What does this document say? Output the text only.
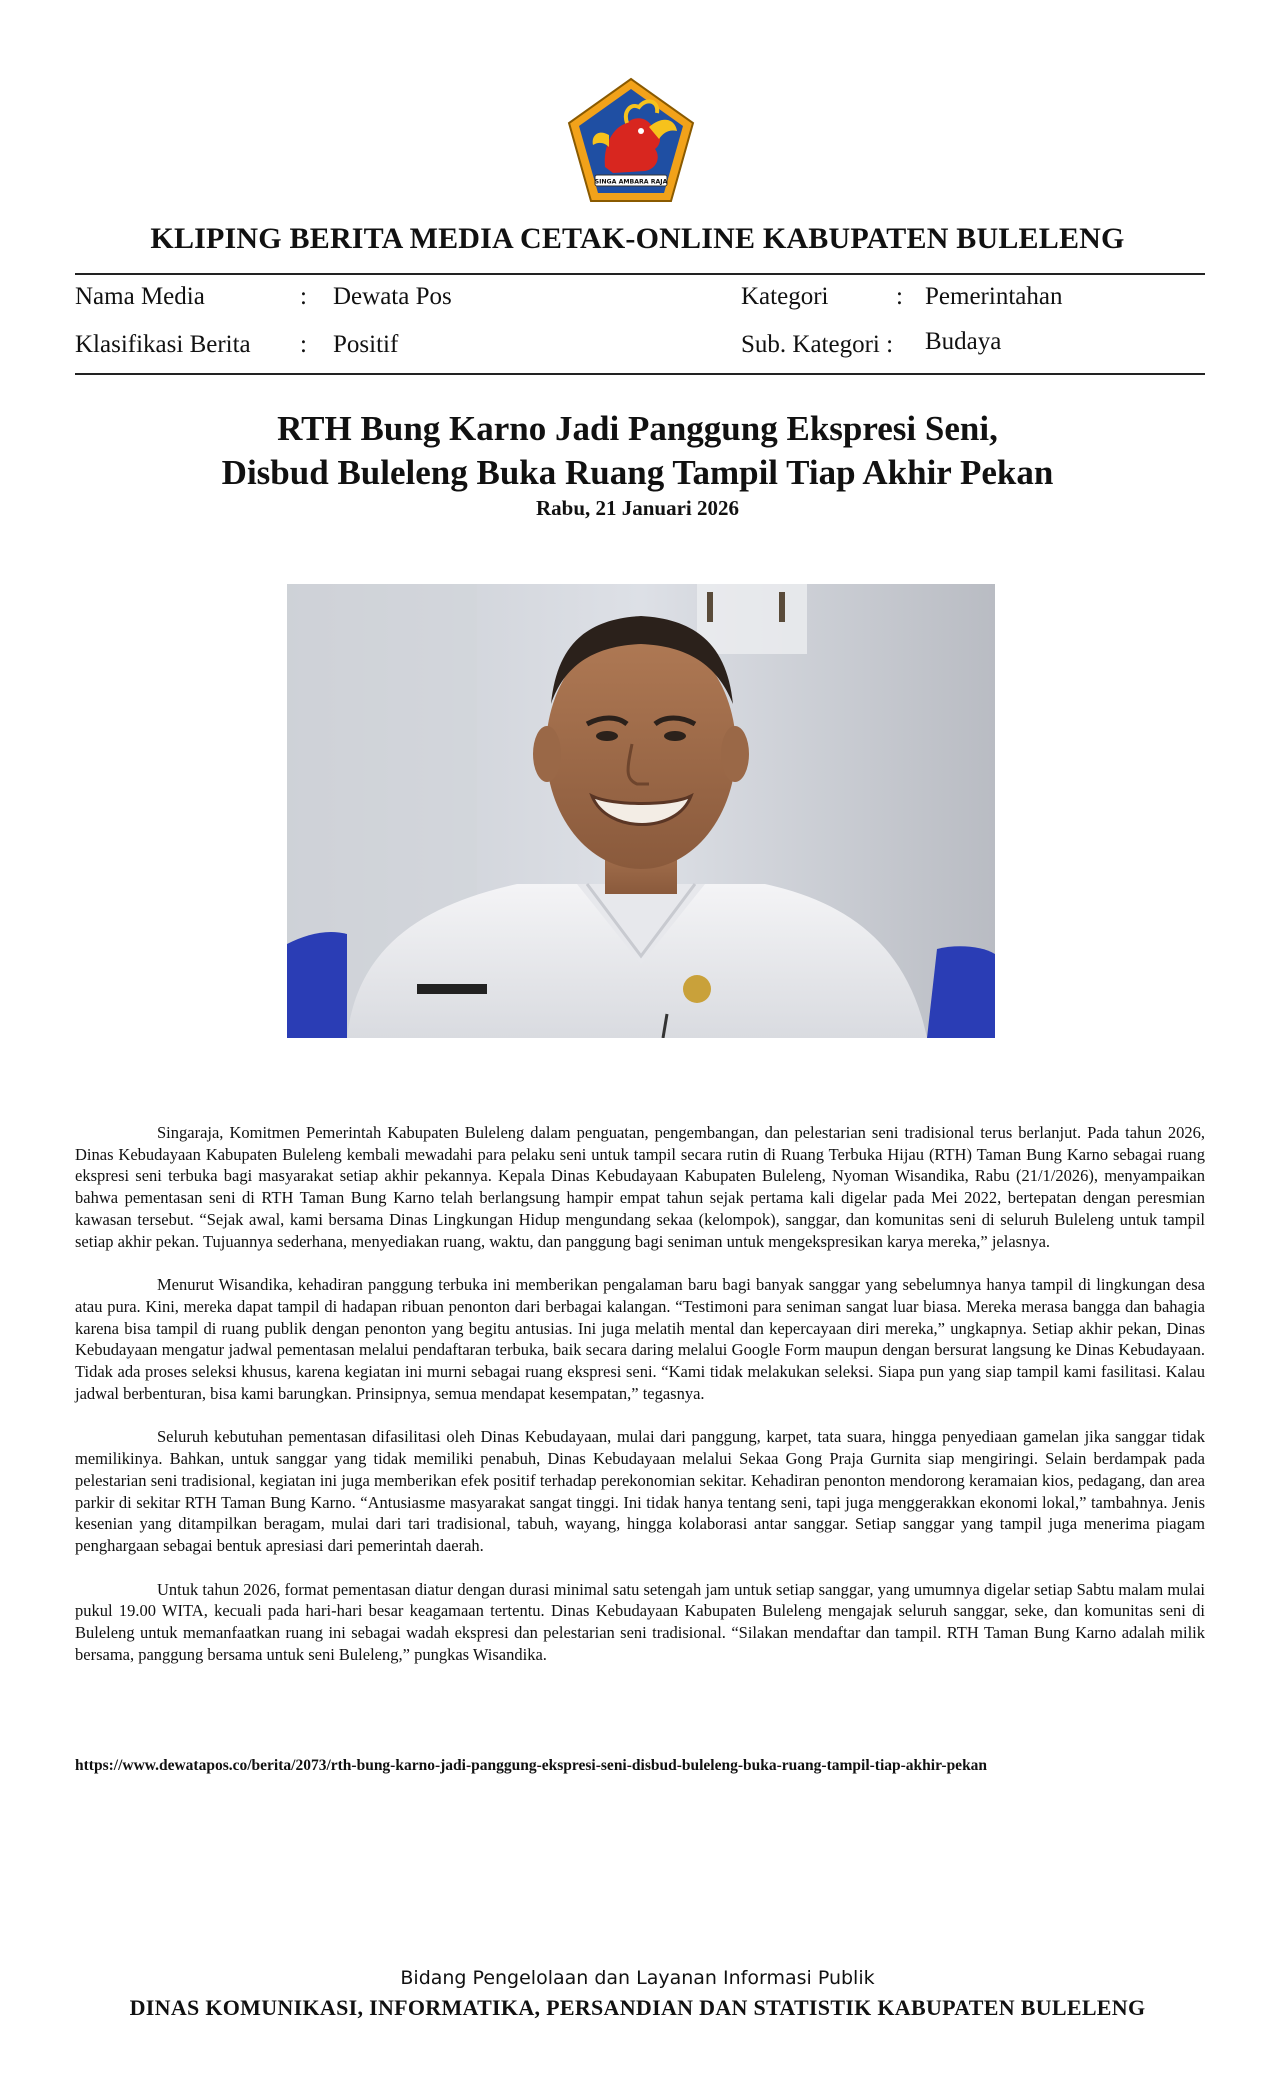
SINGA AMBARA RAJA
KLIPING BERITA MEDIA CETAK-ONLINE KABUPATEN BULELENG
Nama Media	: Dewata Pos
Klasifikasi Berita : Positif
Kategori	: Pemerintahan
Sub. Kategori : Budaya
RTH Bung Karno Jadi Panggung Ekspresi Seni,
Disbud Buleleng Buka Ruang Tampil Tiap Akhir Pekan
Rabu, 21 Januari 2026

Singaraja, Komitmen Pemerintah Kabupaten Buleleng dalam penguatan, pengembangan, dan pelestarian seni tradisional terus berlanjut. Pada tahun 2026, Dinas Kebudayaan Kabupaten Buleleng kembali mewadahi para pelaku seni untuk tampil secara rutin di Ruang Terbuka Hijau (RTH) Taman Bung Karno sebagai ruang ekspresi seni terbuka bagi masyarakat setiap akhir pekannya. Kepala Dinas Kebudayaan Kabupaten Buleleng, Nyoman Wisandika, Rabu (21/1/2026), menyampaikan bahwa pementasan seni di RTH Taman Bung Karno telah berlangsung hampir empat tahun sejak pertama kali digelar pada Mei 2022, bertepatan dengan peresmian kawasan tersebut. “Sejak awal, kami bersama Dinas Lingkungan Hidup mengundang sekaa (kelompok), sanggar, dan komunitas seni di seluruh Buleleng untuk tampil setiap akhir pekan. Tujuannya sederhana, menyediakan ruang, waktu, dan panggung bagi seniman untuk mengekspresikan karya mereka,” jelasnya.

Menurut Wisandika, kehadiran panggung terbuka ini memberikan pengalaman baru bagi banyak sanggar yang sebelumnya hanya tampil di lingkungan desa atau pura. Kini, mereka dapat tampil di hadapan ribuan penonton dari berbagai kalangan. “Testimoni para seniman sangat luar biasa. Mereka merasa bangga dan bahagia karena bisa tampil di ruang publik dengan penonton yang begitu antusias. Ini juga melatih mental dan kepercayaan diri mereka,” ungkapnya. Setiap akhir pekan, Dinas Kebudayaan mengatur jadwal pementasan melalui pendaftaran terbuka, baik secara daring melalui Google Form maupun dengan bersurat langsung ke Dinas Kebudayaan. Tidak ada proses seleksi khusus, karena kegiatan ini murni sebagai ruang ekspresi seni. “Kami tidak melakukan seleksi. Siapa pun yang siap tampil kami fasilitasi. Kalau jadwal berbenturan, bisa kami barungkan. Prinsipnya, semua mendapat kesempatan,” tegasnya.

Seluruh kebutuhan pementasan difasilitasi oleh Dinas Kebudayaan, mulai dari panggung, karpet, tata suara, hingga penyediaan gamelan jika sanggar tidak memilikinya. Bahkan, untuk sanggar yang tidak memiliki penabuh, Dinas Kebudayaan melalui Sekaa Gong Praja Gurnita siap mengiringi. Selain berdampak pada pelestarian seni tradisional, kegiatan ini juga memberikan efek positif terhadap perekonomian sekitar. Kehadiran penonton mendorong keramaian kios, pedagang, dan area parkir di sekitar RTH Taman Bung Karno. “Antusiasme masyarakat sangat tinggi. Ini tidak hanya tentang seni, tapi juga menggerakkan ekonomi lokal,” tambahnya. Jenis kesenian yang ditampilkan beragam, mulai dari tari tradisional, tabuh, wayang, hingga kolaborasi antar sanggar. Setiap sanggar yang tampil juga menerima piagam penghargaan sebagai bentuk apresiasi dari pemerintah daerah.

Untuk tahun 2026, format pementasan diatur dengan durasi minimal satu setengah jam untuk setiap sanggar, yang umumnya digelar setiap Sabtu malam mulai pukul 19.00 WITA, kecuali pada hari-hari besar keagamaan tertentu. Dinas Kebudayaan Kabupaten Buleleng mengajak seluruh sanggar, seke, dan komunitas seni di Buleleng untuk memanfaatkan ruang ini sebagai wadah ekspresi dan pelestarian seni tradisional. “Silakan mendaftar dan tampil. RTH Taman Bung Karno adalah milik bersama, panggung bersama untuk seni Buleleng,” pungkas Wisandika.

https://www.dewatapos.co/berita/2073/rth-bung-karno-jadi-panggung-ekspresi-seni-disbud-buleleng-buka-ruang-tampil-tiap-akhir-pekan
Bidang Pengelolaan dan Layanan Informasi Publik
DINAS KOMUNIKASI, INFORMATIKA, PERSANDIAN DAN STATISTIK KABUPATEN BULELENG
